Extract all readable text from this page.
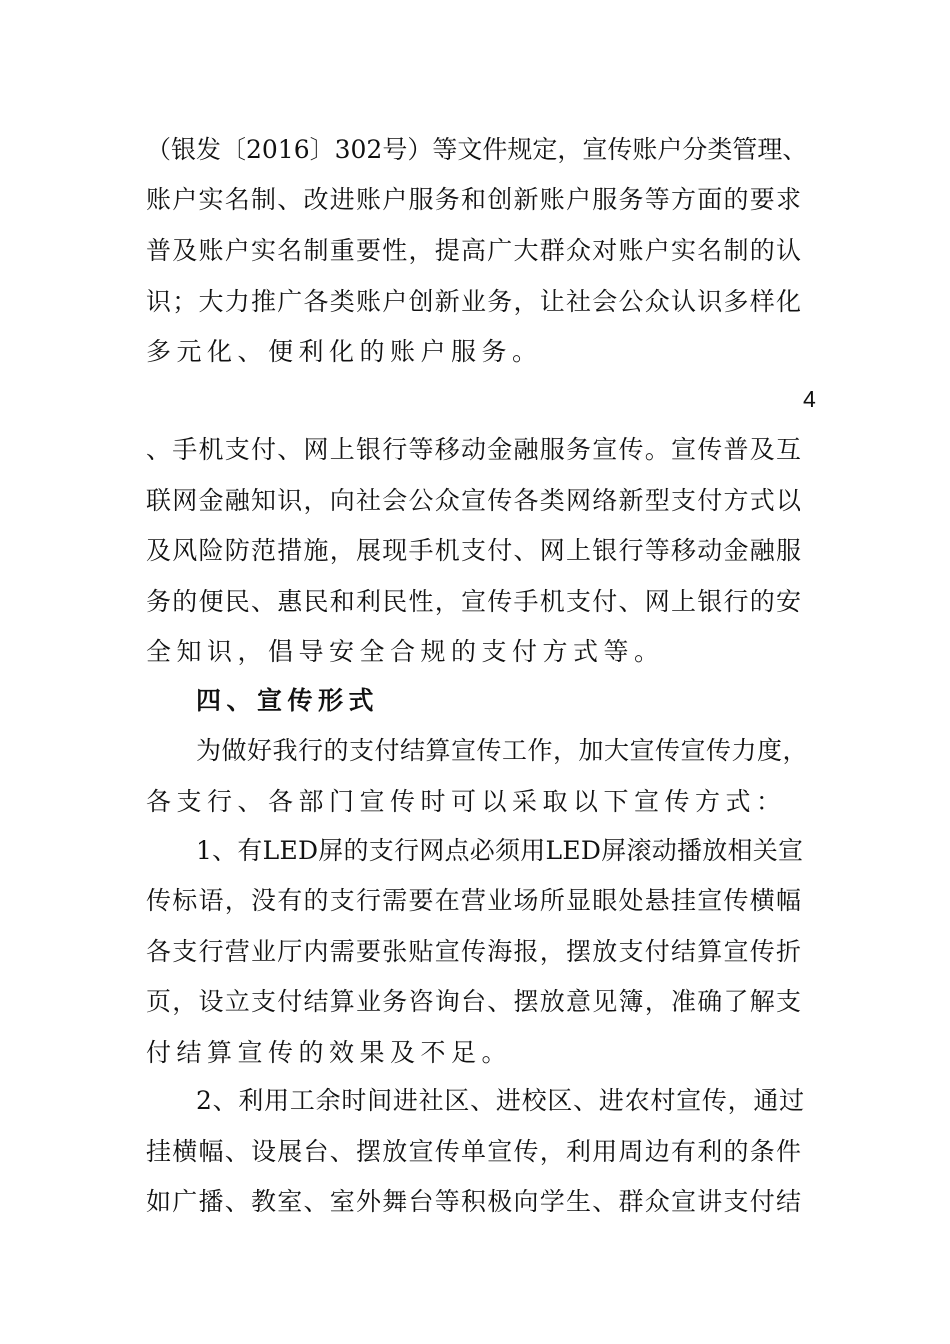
（银发〔2016〕302号）等文件规定，宣传账户分类管理、
账户实名制、改进账户服务和创新账户服务等方面的要求
普及账户实名制重要性，提高广大群众对账户实名制的认
识；大力推广各类账户创新业务，让社会公众认识多样化
多元化、便利化的账户服务。
4
、手机支付、网上银行等移动金融服务宣传。宣传普及互
联网金融知识，向社会公众宣传各类网络新型支付方式以
及风险防范措施，展现手机支付、网上银行等移动金融服
务的便民、惠民和利民性，宣传手机支付、网上银行的安
全知识，倡导安全合规的支付方式等。
四、宣传形式
为做好我行的支付结算宣传工作，加大宣传宣传力度，
各支行、各部门宣传时可以采取以下宣传方式：
1、有LED屏的支行网点必须用LED屏滚动播放相关宣
传标语，没有的支行需要在营业场所显眼处悬挂宣传横幅
各支行营业厅内需要张贴宣传海报，摆放支付结算宣传折
页，设立支付结算业务咨询台、摆放意见簿，准确了解支
付结算宣传的效果及不足。
2、利用工余时间进社区、进校区、进农村宣传，通过
挂横幅、设展台、摆放宣传单宣传，利用周边有利的条件
如广播、教室、室外舞台等积极向学生、群众宣讲支付结
